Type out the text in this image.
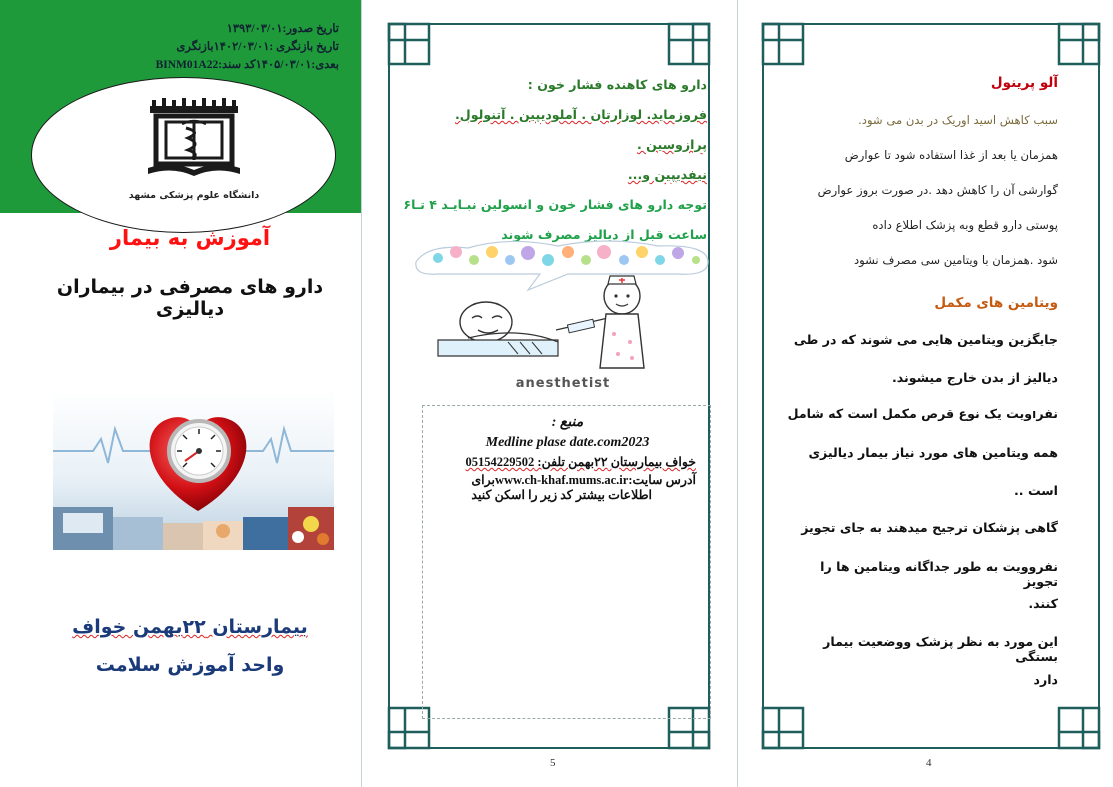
تاریخ صدور:۱۳۹۳/۰۳/۰۱
تاریخ بازنگری :۱۴۰۲/۰۳/۰۱بازنگری
بعدی:۱۴۰۵/۰۳/۰۱کد سند:BINM01A22
دانشگاه علوم پزشکی مشهد
آموزش به بیمار
دارو های مصرفی در بیماران دیالیزی
بیمارستان ۲۲بهمن خواف
واحد آموزش سلامت
دارو های کاهنده فشار خون :
فروزماید. لوزارتان . آملودیپین . آتنولول. پرازوسین .
نیفدیپین و...
توجه دارو های فشار خون و انسولین نبـایـد ۴ تـا۶
ساعت قبل از دیالیز مصرف شوند
anesthetist
منبع :
Medline plase date.com2023
خواف بیمارستان ۲۲بهمن تلفن: 05154229502
آدرس سایت:www.ch-khaf.mums.ac.irبرای
اطلاعات بیشتر کد زیر را اسکن کنید
5
آلو پرینول
سبب کاهش اسید اوریک در بدن می شود.
همزمان یا بعد از غذا استفاده شود تا عوارض
گوارشی آن را کاهش دهد .در صورت بروز عوارض
پوستی دارو قطع وبه پزشک اطلاع داده
شود .همزمان با ویتامین سی مصرف نشود
ویتامین های مکمل
جایگزین ویتامین هایی می شوند که در طی
دیالیز از بدن خارج میشوند.
نفرוویت یک نوع قرص مکمل است که شامل
همه ویتامین های مورد نیاز بیمار دیالیزی
است ..
گاهی پزشکان ترجیح میدهند به جای تجویز
نفروویت به طور جداگانه ویتامین ها را تجویز
کنند.
این مورد به نظر پزشک ووضعیت بیمار بستگی
دارد
4
